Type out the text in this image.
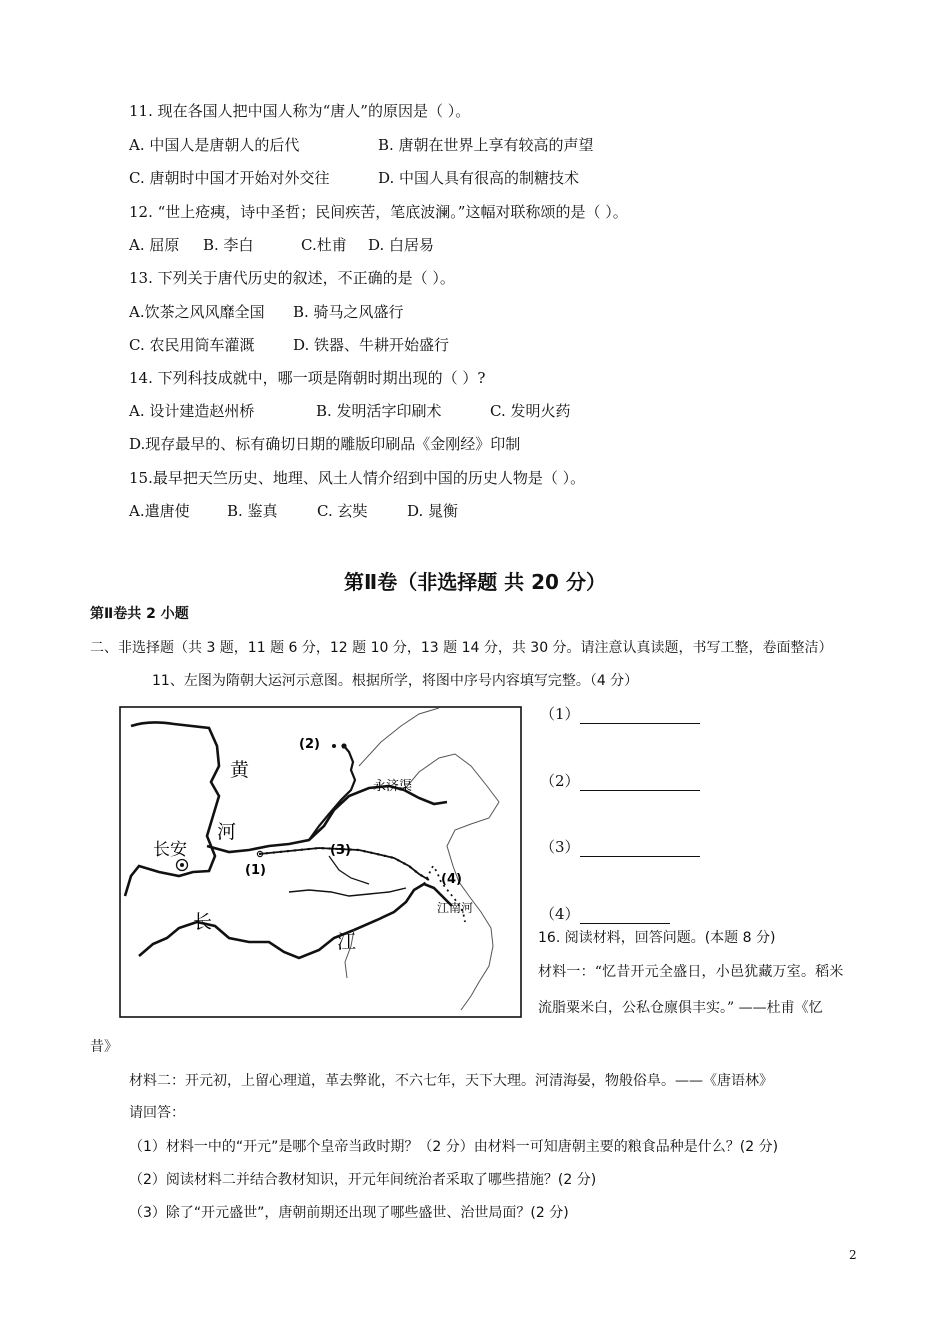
11. 现在各国人把中国人称为“唐人”的原因是（ ）。
A. 中国人是唐朝人的后代	B. 唐朝在世界上享有较高的声望
C. 唐朝时中国才开始对外交往	D. 中国人具有很高的制糖技术
12. “世上疮痍，诗中圣哲；民间疾苦，笔底波澜。”这幅对联称颂的是（ ）。
A. 屈原 B. 李白	C.杜甫 D. 白居易
13. 下列关于唐代历史的叙述，不正确的是（ ）。
A.饮茶之风风靡全国 B. 骑马之风盛行
C. 农民用筒车灌溉	D. 铁器、牛耕开始盛行
14. 下列科技成就中，哪一项是隋朝时期出现的（ ）?
A. 设计建造赵州桥	B. 发明活字印刷术	C. 发明火药
D.现存最早的、标有确切日期的雕版印刷品《金刚经》印制
15.最早把天竺历史、地理、风土人情介绍到中国的历史人物是（ ）。
A.遣唐使 B. 鉴真	C. 玄奘	D. 晁衡
第Ⅱ卷（非选择题 共 20 分）
第Ⅱ卷共 2 小题
二、非选择题（共 3 题，11 题 6 分，12 题 10 分，13 题 14 分，共 30 分。请注意认真读题，书写工整，卷面整洁）
11、左图为隋朝大运河示意图。根据所学，将图中序号内容填写完整。（4 分）
(2)
黄
永济渠
河
长安	(3)
(1)
(4)
江南河
长
江
（1）
（2）
（3）
（4）
16. 阅读材料，回答问题。(本题 8 分)
材料一：“忆昔开元全盛日，小邑犹藏万室。稻米
流脂粟米白，公私仓廪俱丰实。” ——杜甫《忆
昔》
材料二：开元初，上留心理道，革去弊讹，不六七年，天下大理。河清海晏，物般俗阜。——《唐语林》
请回答：
（1）材料一中的“开元”是哪个皇帝当政时期？（2 分）由材料一可知唐朝主要的粮食品种是什么？(2 分)
（2）阅读材料二并结合教材知识，开元年间统治者采取了哪些措施？(2 分)
（3）除了“开元盛世”，唐朝前期还出现了哪些盛世、治世局面？(2 分)
2
